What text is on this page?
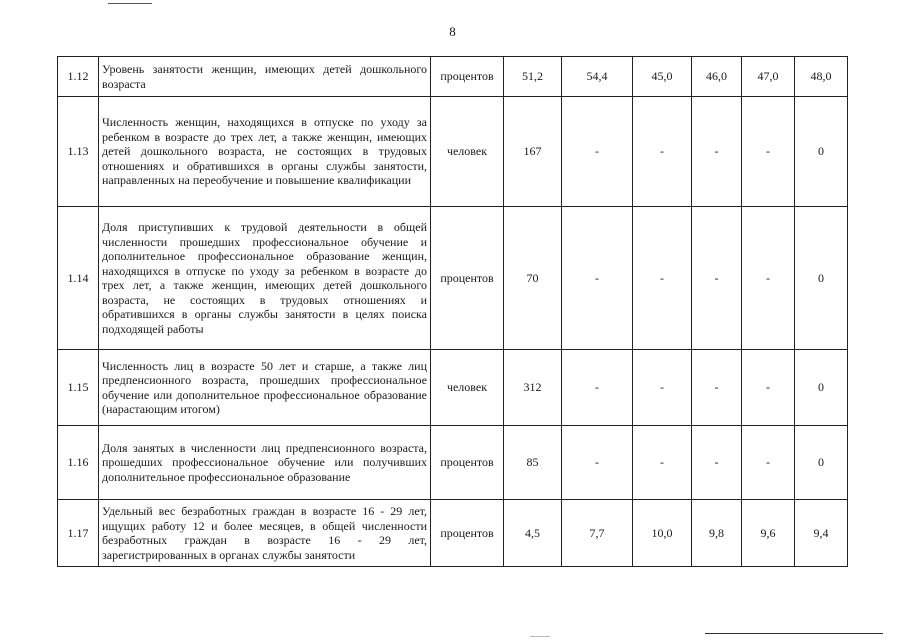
8
1.12	Уровень занятости женщин, имеющих детей дошкольного возраста	процентов	51,2	54,4	45,0	46,0	47,0	48,0
1.13	Численность женщин, находящихся в отпуске по уходу за ребенком в возрасте до трех лет, а также женщин, имеющих детей дошкольного возраста, не состоящих в трудовых отношениях и обратившихся в органы службы занятости, направленных на переобучение и повышение квалификации	человек	167	-	-	-	-	0
1.14	Доля приступивших к трудовой деятельности в общей численности прошедших профессиональное обучение и дополнительное профессиональное образование женщин, находящихся в отпуске по уходу за ребенком в возрасте до трех лет, а также женщин, имеющих детей дошкольного возраста, не состоящих в трудовых отношениях и обратившихся в органы службы занятости в целях поиска подходящей работы	процентов	70	-	-	-	-	0
1.15	Численность лиц в возрасте 50 лет и старше, а также лиц предпенсионного возраста, прошедших профессиональное обучение или дополнительное профессиональное образование (нарастающим итогом)	человек	312	-	-	-	-	0
1.16	Доля занятых в численности лиц предпенсионного возраста, прошедших профессиональное обучение или получивших дополнительное профессиональное образование	процентов	85	-	-	-	-	0
1.17	Удельный вес безработных граждан в возрасте 16 - 29 лет, ищущих работу 12 и более месяцев, в общей численности безработных граждан в возрасте 16 - 29 лет, зарегистрированных в органах службы занятости	процентов	4,5	7,7	10,0	9,8	9,6	9,4
